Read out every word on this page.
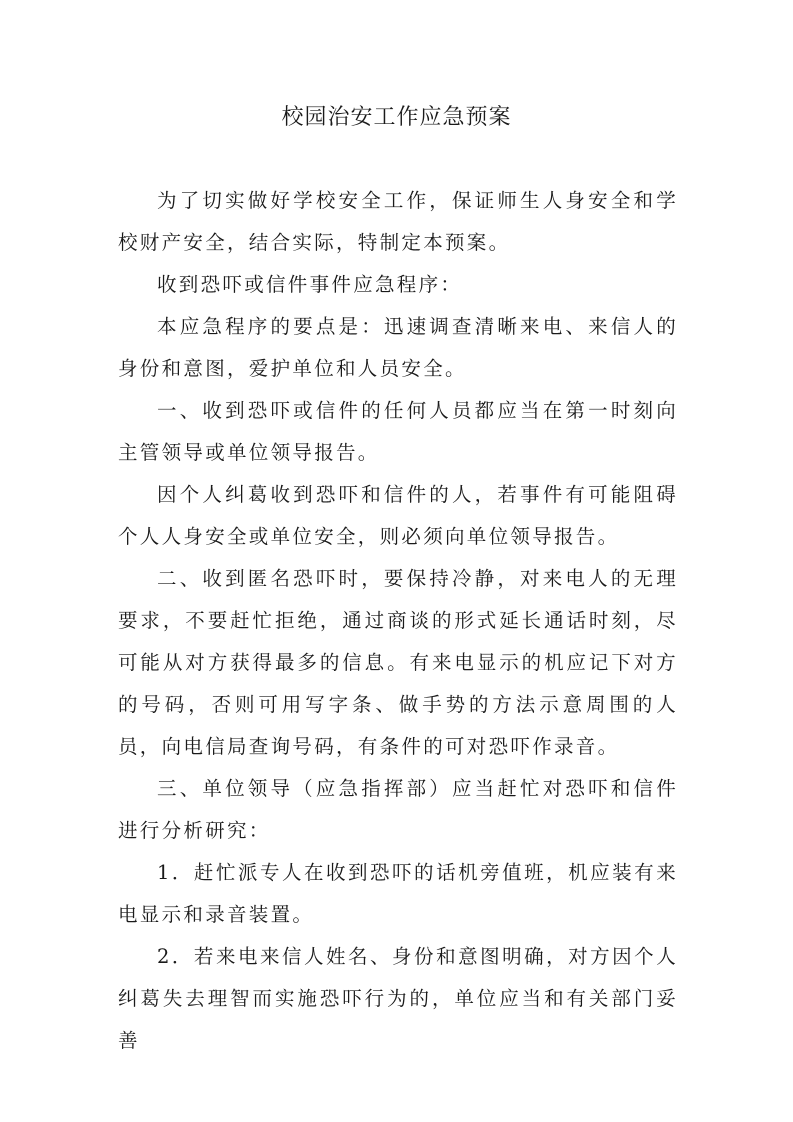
校园治安工作应急预案

为了切实做好学校安全工作，保证师生人身安全和学校财产安全，结合实际，特制定本预案。

收到恐吓或信件事件应急程序：

本应急程序的要点是：迅速调查清晰来电、来信人的身份和意图，爱护单位和人员安全。

一、收到恐吓或信件的任何人员都应当在第一时刻向主管领导或单位领导报告。

因个人纠葛收到恐吓和信件的人，若事件有可能阻碍个人人身安全或单位安全，则必须向单位领导报告。

二、收到匿名恐吓时，要保持冷静，对来电人的无理要求，不要赶忙拒绝，通过商谈的形式延长通话时刻，尽可能从对方获得最多的信息。有来电显示的机应记下对方的号码，否则可用写字条、做手势的方法示意周围的人员，向电信局查询号码，有条件的可对恐吓作录音。

三、单位领导（应急指挥部）应当赶忙对恐吓和信件进行分析研究：

1．赶忙派专人在收到恐吓的话机旁值班，机应装有来电显示和录音装置。

2．若来电来信人姓名、身份和意图明确，对方因个人纠葛失去理智而实施恐吓行为的，单位应当和有关部门妥善
